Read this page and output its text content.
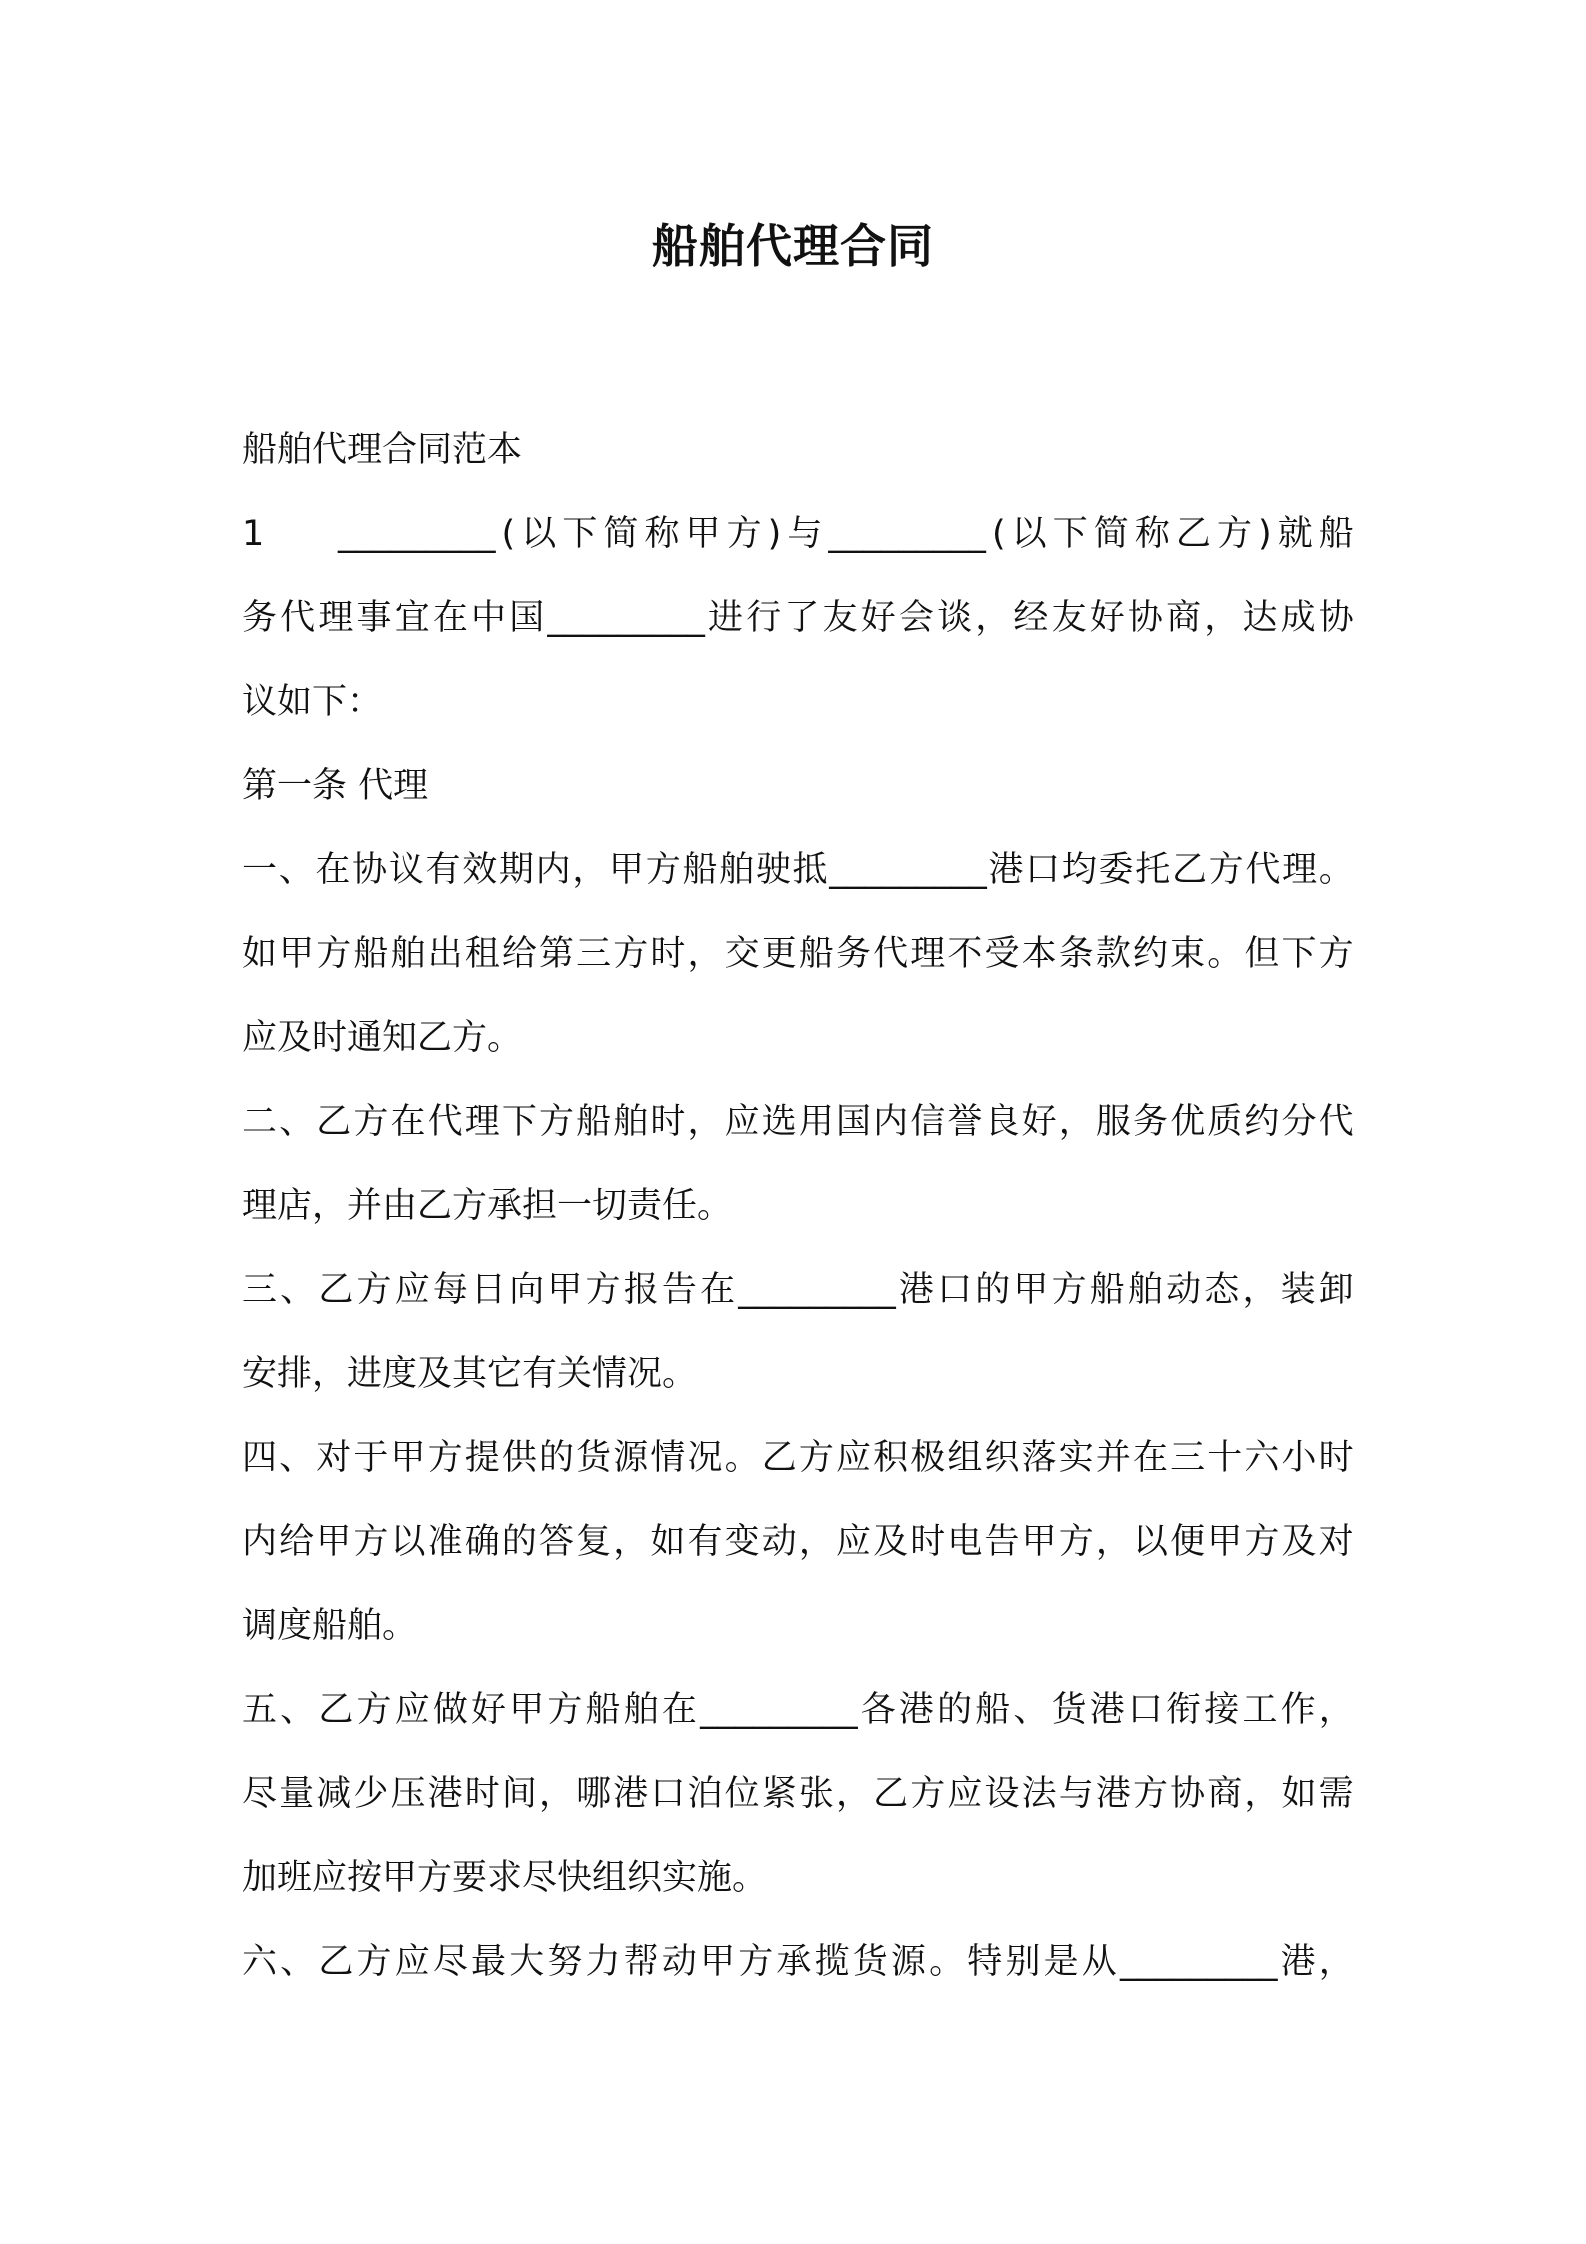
船舶代理合同
船舶代理合同范本
1	_________ ( 以 下 简 称 甲 方 ) 与 _________ ( 以 下 简 称 乙 方 ) 就 船
务 代 理 事 宜 在 中 国 _________ 进 行 了 友 好 会 谈 ， 经 友 好 协 商 ， 达 成 协
议如下：
第一条 代理
一 、 在 协 议 有 效 期 内 ， 甲 方 船 舶 驶 抵 _________ 港 口 均 委 托 乙 方 代 理 。
如 甲 方 船 舶 出 租 给 第 三 方 时 ， 交 更 船 务 代 理 不 受 本 条 款 约 束 。 但 下 方
应及时通知乙方。
二 、 乙 方 在 代 理 下 方 船 舶 时 ， 应 选 用 国 内 信 誉 良 好 ， 服 务 优 质 约 分 代
理店，并由乙方承担一切责任。
三 、 乙 方 应 每 日 向 甲 方 报 告 在 _________ 港 口 的 甲 方 船 舶 动 态 ， 装 卸
安排，进度及其它有关情况。
四 、 对 于 甲 方 提 供 的 货 源 情 况 。 乙 方 应 积 极 组 织 落 实 并 在 三 十 六 小 时
内 给 甲 方 以 准 确 的 答 复 ， 如 有 变 动 ， 应 及 时 电 告 甲 方 ， 以 便 甲 方 及 对
调度船舶。
五 、 乙 方 应 做 好 甲 方 船 舶 在 _________ 各 港 的 船 、 货 港 口 衔 接 工 作 ，
尽 量 减 少 压 港 时 间 ， 哪 港 口 泊 位 紧 张 ， 乙 方 应 设 法 与 港 方 协 商 ， 如 需
加班应按甲方要求尽快组织实施。
六 、 乙 方 应 尽 最 大 努 力 帮 动 甲 方 承 揽 货 源 。 特 别 是 从 _________ 港 ，
